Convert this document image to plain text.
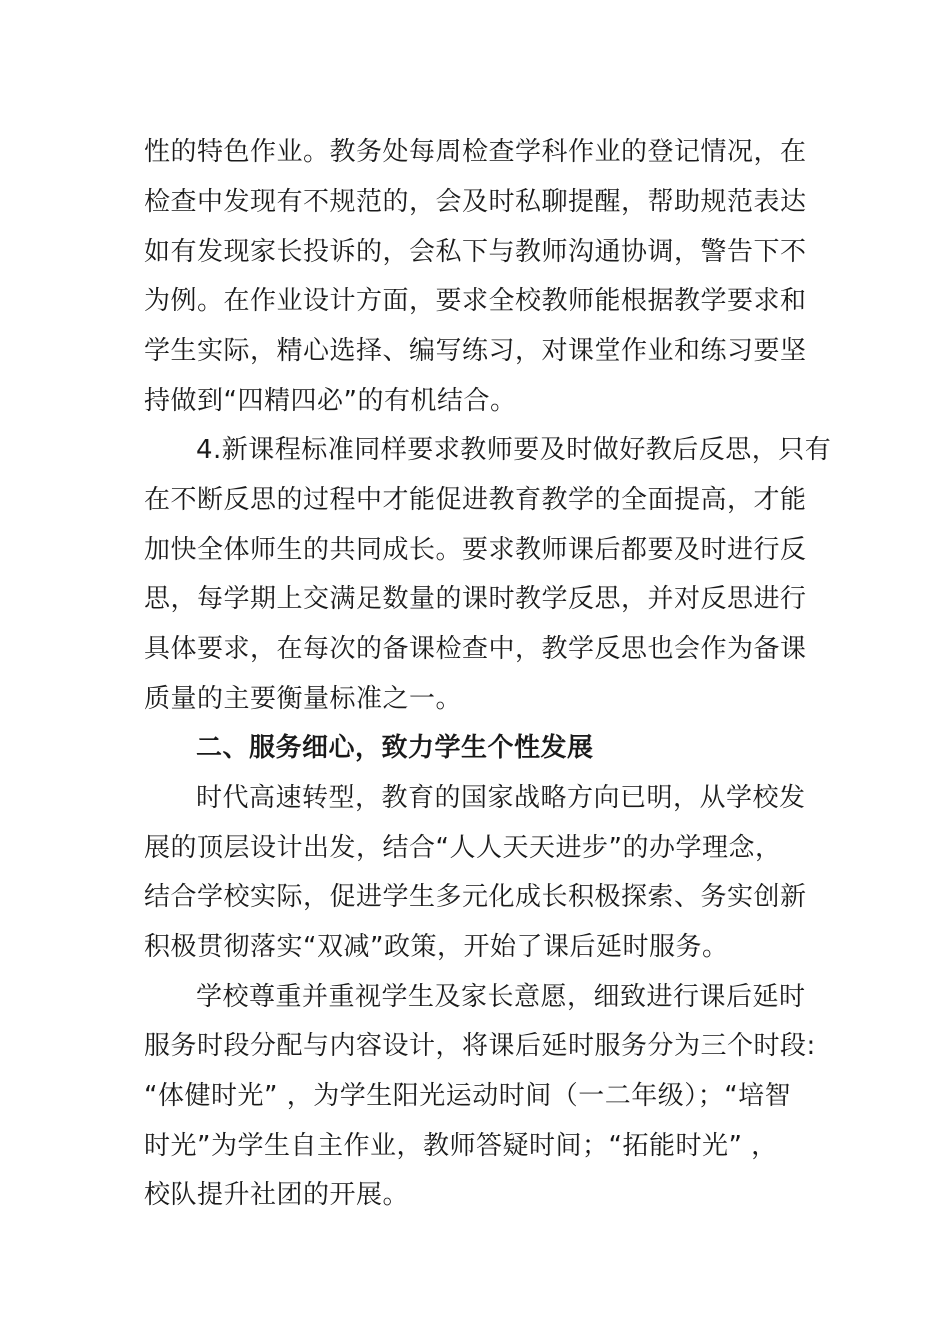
性的特色作业。教务处每周检查学科作业的登记情况，在
检查中发现有不规范的，会及时私聊提醒，帮助规范表达
如有发现家长投诉的，会私下与教师沟通协调，警告下不
为例。在作业设计方面，要求全校教师能根据教学要求和
学生实际，精心选择、编写练习，对课堂作业和练习要坚
持做到“四精四必”的有机结合。
4.新课程标准同样要求教师要及时做好教后反思，只有
在不断反思的过程中才能促进教育教学的全面提高，才能
加快全体师生的共同成长。要求教师课后都要及时进行反
思，每学期上交满足数量的课时教学反思，并对反思进行
具体要求，在每次的备课检查中，教学反思也会作为备课
质量的主要衡量标准之一。
二、服务细心，致力学生个性发展
时代高速转型，教育的国家战略方向已明，从学校发
展的顶层设计出发，结合“人人天天进步”的办学理念，
结合学校实际，促进学生多元化成长积极探索、务实创新
积极贯彻落实“双减”政策，开始了课后延时服务。
学校尊重并重视学生及家长意愿，细致进行课后延时
服务时段分配与内容设计，将课后延时服务分为三个时段:
“体健时光” ，为学生阳光运动时间（一二年级）；“培智
时光”为学生自主作业，教师答疑时间；“拓能时光” ，
校队提升社团的开展。
